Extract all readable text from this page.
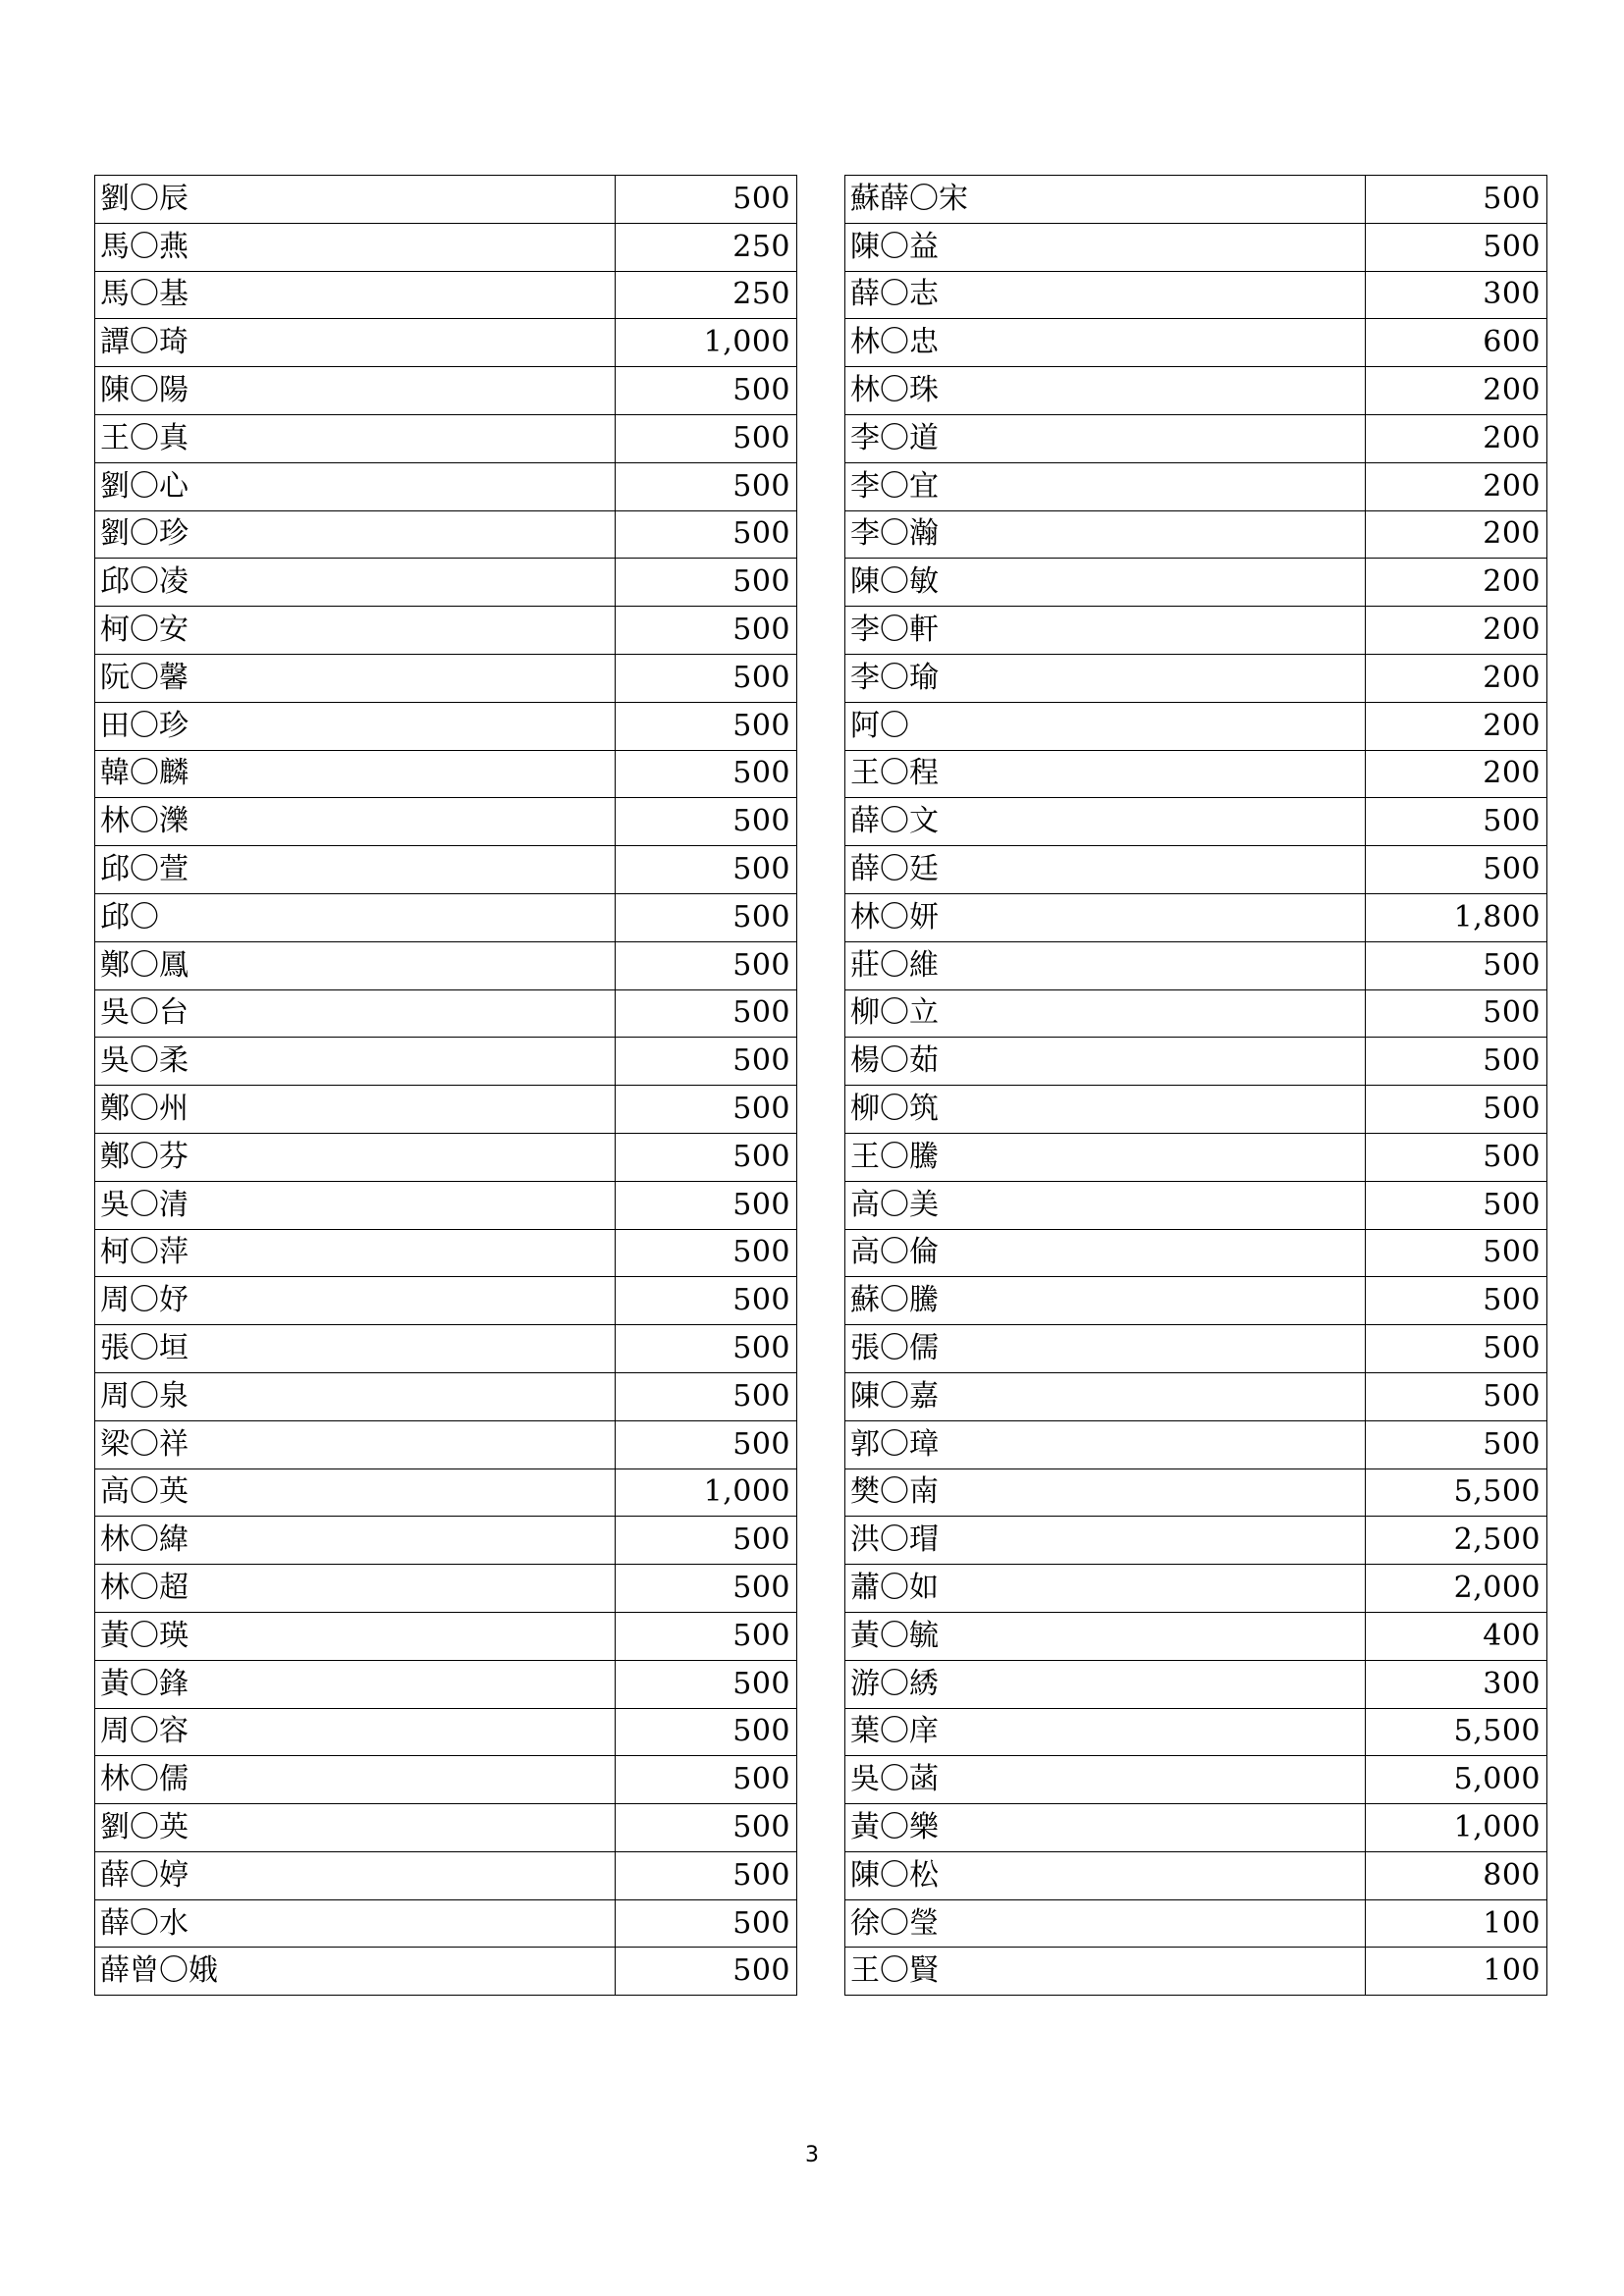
劉〇辰	500
馬〇燕	250
馬〇基	250
譚〇琦	1,000
陳〇陽	500
王〇真	500
劉〇心	500
劉〇珍	500
邱〇凌	500
柯〇安	500
阮〇馨	500
田〇珍	500
韓〇麟	500
林〇濼	500
邱〇萱	500
邱〇	500
鄭〇鳳	500
吳〇台	500
吳〇柔	500
鄭〇州	500
鄭〇芬	500
吳〇清	500
柯〇萍	500
周〇妤	500
張〇垣	500
周〇泉	500
梁〇祥	500
高〇英	1,000
林〇緯	500
林〇超	500
黃〇瑛	500
黃〇鋒	500
周〇容	500
林〇儒	500
劉〇英	500
薛〇婷	500
薛〇水	500
薛曾〇娥	500
蘇薛〇宋	500
陳〇益	500
薛〇志	300
林〇忠	600
林〇珠	200
李〇道	200
李〇宜	200
李〇瀚	200
陳〇敏	200
李〇軒	200
李〇瑜	200
阿〇	200
王〇程	200
薛〇文	500
薛〇廷	500
林〇妍	1,800
莊〇維	500
柳〇立	500
楊〇茹	500
柳〇筑	500
王〇騰	500
高〇美	500
高〇倫	500
蘇〇騰	500
張〇儒	500
陳〇嘉	500
郭〇璋	500
樊〇南	5,500
洪〇瑁	2,500
蕭〇如	2,000
黃〇毓	400
游〇綉	300
葉〇庠	5,500
吳〇菡	5,000
黃〇樂	1,000
陳〇松	800
徐〇瑩	100
王〇賢	100
3
